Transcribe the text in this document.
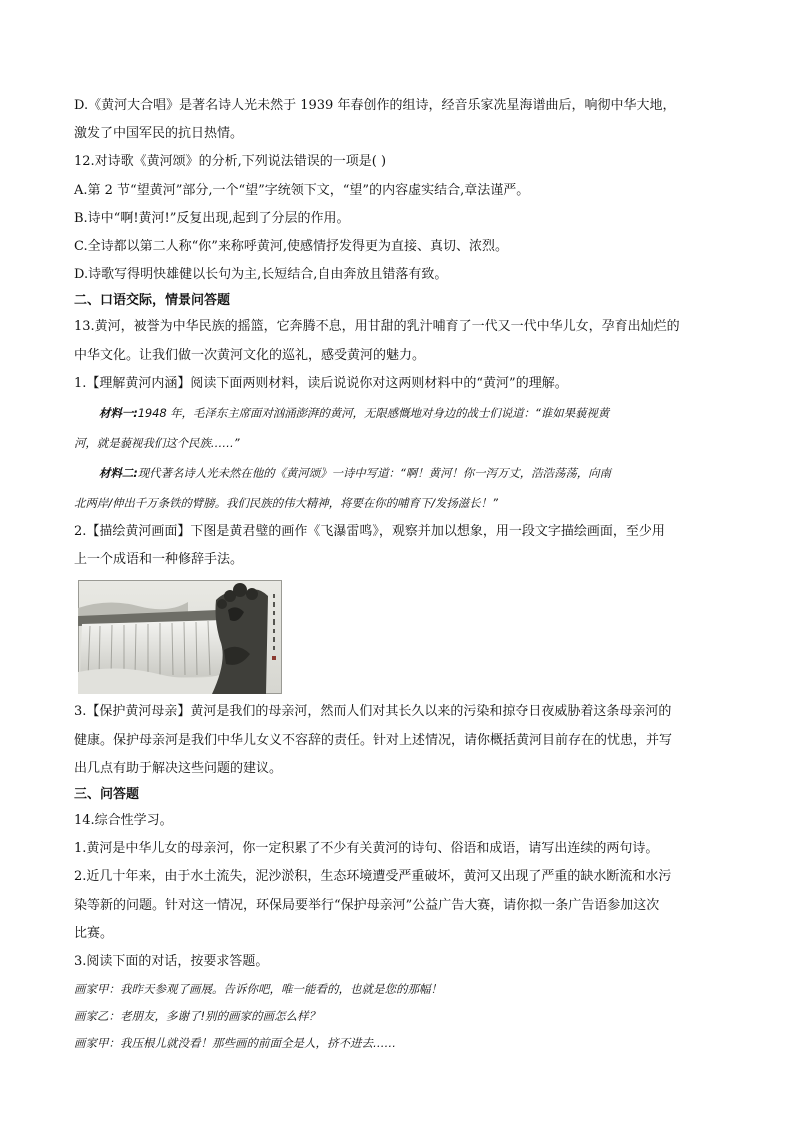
D.《黄河大合唱》是著名诗人光未然于 1939 年春创作的组诗，经音乐家冼星海谱曲后，响彻中华大地，
激发了中国军民的抗日热情。
12.对诗歌《黄河颂》的分析,下列说法错误的一项是( )
A.第 2 节“望黄河”部分,一个“望”字统领下文，“望”的内容虚实结合,章法谨严。
B.诗中“啊!黄河!”反复出现,起到了分层的作用。
C.全诗都以第二人称“你”来称呼黄河,使感情抒发得更为直接、真切、浓烈。
D.诗歌写得明快雄健以长句为主,长短结合,自由奔放且错落有致。
二、口语交际，情景问答题
13.黄河，被誉为中华民族的摇篮，它奔腾不息，用甘甜的乳汁哺育了一代又一代中华儿女，孕育出灿烂的
中华文化。让我们做一次黄河文化的巡礼，感受黄河的魅力。
1.【理解黄河内涵】阅读下面两则材料，读后说说你对这两则材料中的“黄河”的理解。
材料一:1948 年，毛泽东主席面对汹涌澎湃的黄河，无限感慨地对身边的战士们说道：“谁如果藐视黄
河，就是藐视我们这个民族……”
材料二:现代著名诗人光未然在他的《黄河颂》一诗中写道：“啊！黄河！你一泻万丈，浩浩荡荡，向南
北两岸/伸出千万条铁的臂膀。我们民族的伟大精神，将要在你的哺育下/发扬滋长！”
2.【描绘黄河画面】下图是黄君璧的画作《飞瀑雷鸣》，观察并加以想象，用一段文字描绘画面，至少用
上一个成语和一种修辞手法。
3.【保护黄河母亲】黄河是我们的母亲河，然而人们对其长久以来的污染和掠夺日夜威胁着这条母亲河的
健康。保护母亲河是我们中华儿女义不容辞的责任。针对上述情况，请你概括黄河目前存在的忧患，并写
出几点有助于解决这些问题的建议。
三、问答题
14.综合性学习。
1.黄河是中华儿女的母亲河，你一定积累了不少有关黄河的诗句、俗语和成语，请写出连续的两句诗。
2.近几十年来，由于水土流失，泥沙淤积，生态环境遭受严重破坏，黄河又出现了严重的缺水断流和水污
染等新的问题。针对这一情况，环保局要举行“保护母亲河”公益广告大赛，请你拟一条广告语参加这次
比赛。
3.阅读下面的对话，按要求答题。
画家甲：我昨天参观了画展。告诉你吧，唯一能看的，也就是您的那幅！
画家乙：老朋友，多谢了!别的画家的画怎么样？
画家甲：我压根儿就没看！那些画的前面全是人，挤不进去……
